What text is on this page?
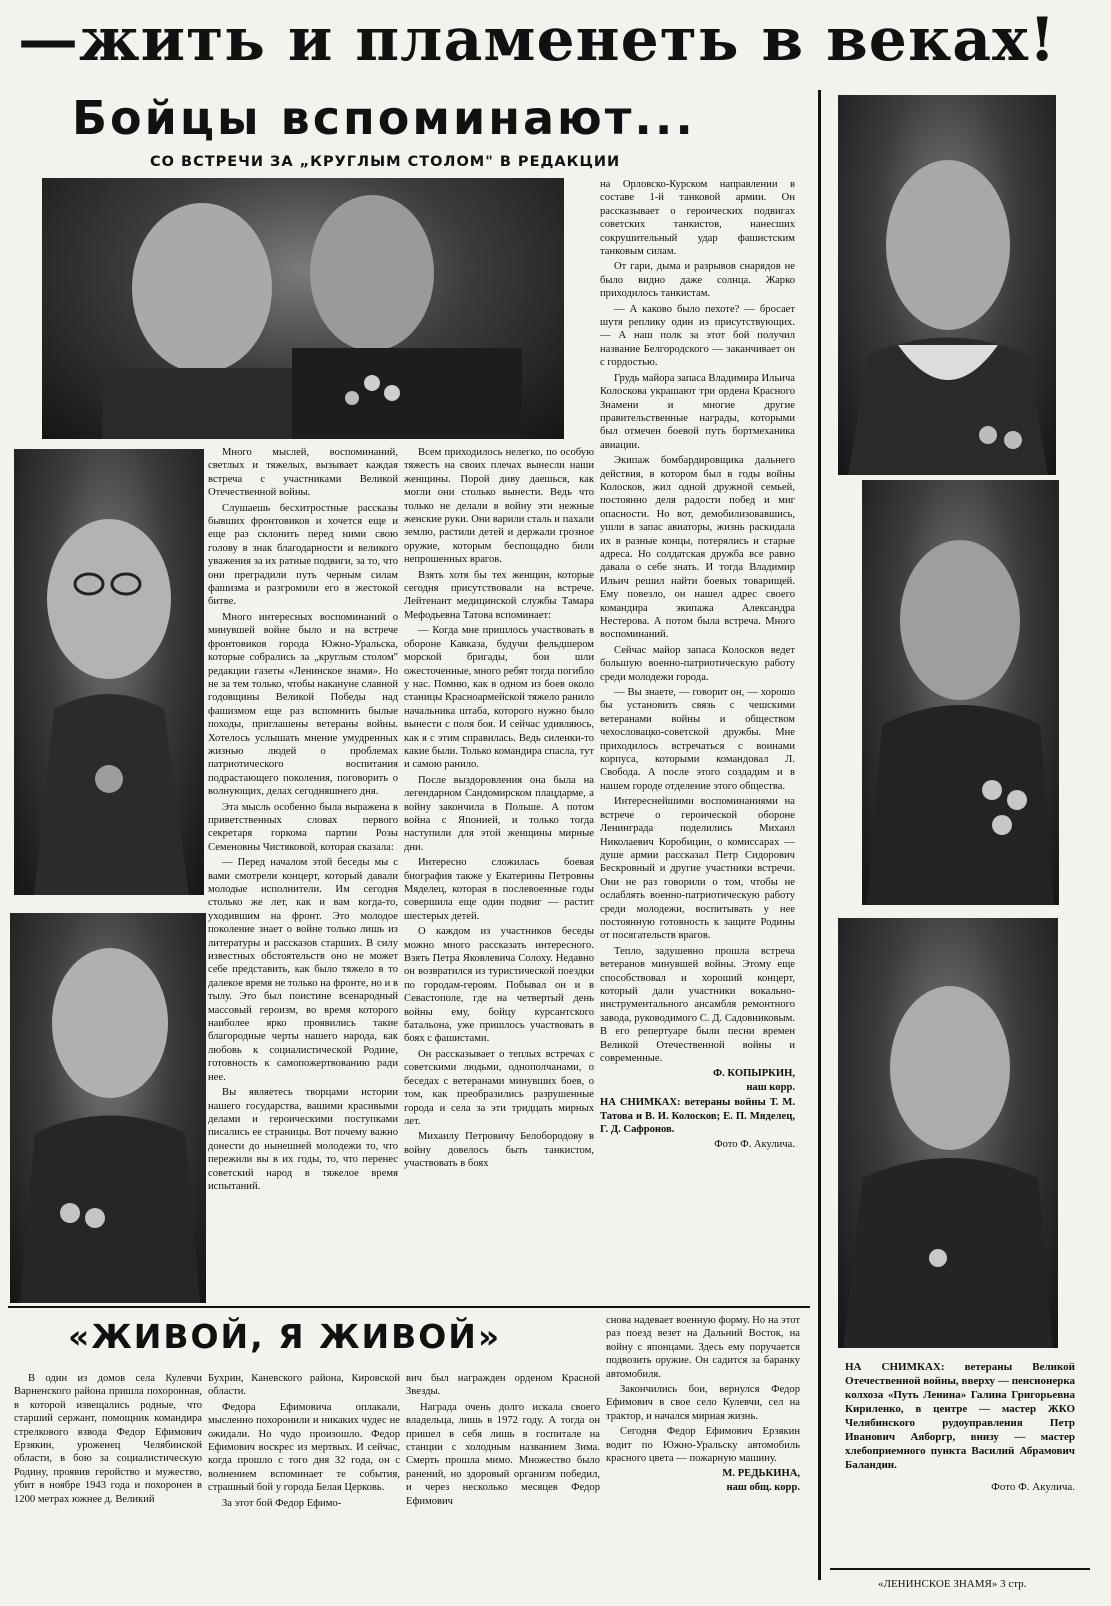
—жить и пламенеть в веках!
Бойцы вспоминают...
СО ВСТРЕЧИ ЗА „КРУГЛЫМ СТОЛОМ" В РЕДАКЦИИ

Много мыслей, воспоминаний, светлых и тяжелых, вызывает каждая встреча с участниками Великой Отечественной войны.

Слушаешь бесхитростные рассказы бывших фронтовиков и хочется еще и еще раз склонить перед ними свою голову в знак благодарности и великого уважения за их ратные подвиги, за то, что они преградили путь черным силам фашизма и разгромили его в жестокой битве.

Много интересных воспоминаний о минувшей войне было и на встрече фронтовиков города Южно-Уральска, которые собрались за „круглым столом" редакции газеты «Ленинское знамя». Но не за тем только, чтобы накануне славной годовщины Великой Победы над фашизмом еще раз вспомнить былые походы, приглашены ветераны войны. Хотелось услышать мнение умудренных жизнью людей о проблемах патриотического воспитания подрастающего поколения, поговорить о волнующих, делах сегодняшнего дня.

Эта мысль особенно была выражена в приветственных словах первого секретаря горкома партии Розы Семеновны Чистяковой, которая сказала:

— Перед началом этой беседы мы с вами смотрели концерт, который давали молодые исполнители. Им сегодня столько же лет, как и вам когда-то, уходившим на фронт. Это молодое поколение знает о войне только лишь из литературы и рассказов старших. В силу известных обстоятельств оно не может себе представить, как было тяжело в то далекое время не только на фронте, но и в тылу. Это был поистине всенародный массовый героизм, во время которого наиболее ярко проявились такие благородные черты нашего народа, как любовь к социалистической Родине, готовность к самопожертвованию ради нее.

Вы являетесь творцами истории нашего государства, вашими красивыми делами и героическими поступками писались ее страницы. Вот почему важно донести до нынешней молодежи то, что пережили вы в их годы, то, что перенес советский народ в тяжелое время испытаний.

Всем приходилось нелегко, по особую тяжесть на своих плечах вынесли наши женщины. Порой диву даешься, как могли они столько вынести. Ведь что только не делали в войну эти нежные женские руки. Они варили сталь и пахали землю, растили детей и держали грозное оружие, которым беспощадно били непрошенных врагов.

Взять хотя бы тех женщин, которые сегодня присутствовали на встрече. Лейтенант медицинской службы Тамара Мефодьевна Татова вспоминает:

— Когда мне пришлось участвовать в обороне Кавказа, будучи фельдшером морской бригады, бои шли ожесточенные, много ребят тогда погибло у нас. Помню, как в одном из боев около станицы Красноармейской тяжело ранило начальника штаба, которого нужно было вынести с поля боя. И сейчас удивляюсь, как я с этим справилась. Ведь силенки-то какие были. Только командира спасла, тут и самою ранило.

После выздоровления она была на легендарном Сандомирском плацдарме, а войну закончила в Польше. А потом война с Японией, и только тогда наступили для этой женщины мирные дни.

Интересно сложилась боевая биография также у Екатерины Петровны Мяделец, которая в послевоенные годы совершила еще один подвиг — растит шестерых детей.

О каждом из участников беседы можно много рассказать интересного. Взять Петра Яковлевича Солоху. Недавно он возвратился из туристической поездки по городам-героям. Побывал он и в Севастополе, где на четвертый день войны ему, бойцу курсантского батальона, уже пришлось участвовать в боях с фашистами.

Он рассказывает о теплых встречах с советскими людьми, однополчанами, о беседах с ветеранами минувших боев, о том, как преобразились разрушенные города и села за эти тридцать мирных лет.

Михаилу Петровичу Белобородову в войну довелось быть танкистом, участвовать в боях

на Орловско-Курском направлении в составе 1-й танковой армии. Он рассказывает о героических подвигах советских танкистов, нанесших сокрушительный удар фашистским танковым силам.

От гари, дыма и разрывов снарядов не было видно даже солнца. Жарко приходилось танкистам.

— А каково было пехоте? — бросает шутя реплику один из присутствующих. — А наш полк за этот бой получил название Белгородского — заканчивает он с гордостью.

Грудь майора запаса Владимира Ильича Колоскова украшают три ордена Красного Знамени и многие другие правительственные награды, которыми был отмечен боевой путь бортмеханика авиации.

Экипаж бомбардировщика дальнего действия, в котором был в годы войны Колосков, жил одной дружной семьей, постоянно деля радости побед и миг опасности. Но вот, демобилизовавшись, ушли в запас авиаторы, жизнь раскидала их в разные концы, потерялись и старые адреса. Но солдатская дружба все равно давала о себе знать. И тогда Владимир Ильич решил найти боевых товарищей. Ему повезло, он нашел адрес своего командира экипажа Александра Нестерова. А потом была встреча. Много воспоминаний.

Сейчас майор запаса Колосков ведет большую военно-патриотическую работу среди молодежи города.

— Вы знаете, — говорит он, — хорошо бы установить связь с чешскими ветеранами войны и обществом чехословацко-советской дружбы. Мне приходилось встречаться с воинами корпуса, которыми командовал Л. Свобода. А после этого создадим и в нашем городе отделение этого общества.

Интереснейшими воспоминаниями на встрече о героической обороне Ленинграда поделились Михаил Николаевич Коробицин, о комиссарах — душе армии рассказал Петр Сидорович Бескровный и другие участники встречи. Они не раз говорили о том, чтобы не ослаблять военно-патриотическую работу среди молодежи, воспитывать у нее постоянную готовность к защите Родины от посягательств врагов.

Тепло, задушевно прошла встреча ветеранов минувшей войны. Этому еще способствовал и хороший концерт, который дали участники вокально-инструментального ансамбля ремонтного завода, руководимого С. Д. Садовниковым. В его репертуаре были песни времен Великой Отечественной войны и современные.

Ф. КОПЫРКИН,
наш корр.

НА СНИМКАХ: ветераны войны Т. М. Татова и В. И. Колосков; Е. П. Мяделец, Г. Д. Сафронов.

Фото Ф. Акулича.

«ЖИВОЙ, Я ЖИВОЙ»

В один из домов села Кулевчи Варненского района пришла похоронная, в которой извещались родные, что старший сержант, помощник командира стрелкового взвода Федор Ефимович Ерзякин, уроженец Челябинской области, в бою за социалистическую Родину, проявив геройство и мужество, убит в ноябре 1943 года и похоронен в 1200 метрах южнее д. Великий

Бухрин, Каневского района, Кировской области.

Федора Ефимовича оплакали, мысленно похоронили и никаких чудес не ожидали. Но чудо произошло. Федор Ефимович воскрес из мертвых. И сейчас, когда прошло с того дня 32 года, он с волнением вспоминает те события, страшный бой у города Белая Церковь.

За этот бой Федор Ефимо-

вич был награжден орденом Красной Звезды.

Награда очень долго искала своего владельца, лишь в 1972 году. А тогда он пришел в себя лишь в госпитале на станции с холодным названием Зима. Смерть прошла мимо. Множество было ранений, но здоровый организм победил, и через несколько месяцев Федор Ефимович

снова надевает военную форму. Но на этот раз поезд везет на Дальний Восток, на войну с японцами. Здесь ему поручается подвозить оружие. Он садится за баранку автомобиля.

Закончились бои, вернулся Федор Ефимович в свое село Кулевчи, сел на трактор, и начался мирная жизнь.

Сегодня Федор Ефимович Ерзякин водит по Южно-Уральску автомобиль красного цвета — пожарную машину.

М. РЕДЬКИНА,
наш общ. корр.

НА СНИМКАХ: ветераны Великой Отечественной войны, вверху — пенсионерка колхоза «Путь Ленина» Галина Григорьевна Кириленко, в центре — мастер ЖКО Челябинского рудоуправления Петр Иванович Аяборгр, внизу — мастер хлебоприемного пункта Василий Абрамович Баландин.
Фото Ф. Акулича.
«ЛЕНИНСКОЕ ЗНАМЯ» 3 стр.
